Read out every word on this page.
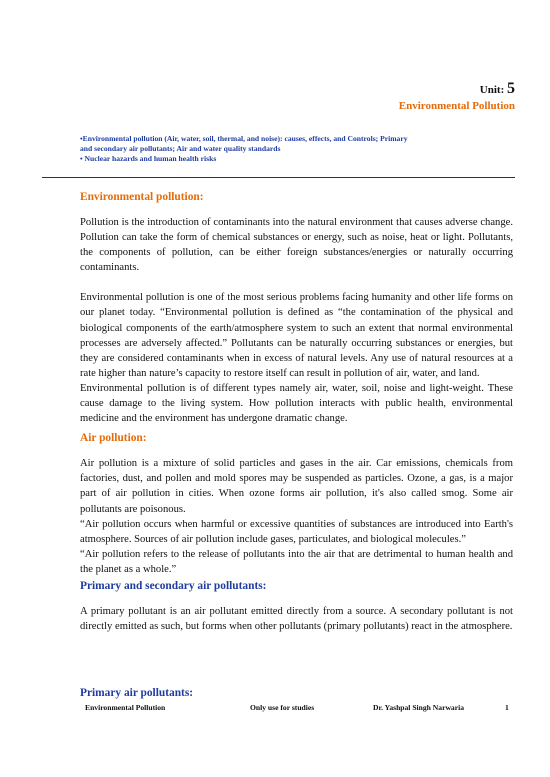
Unit: 5
Environmental Pollution
•Environmental pollution (Air, water, soil, thermal, and noise): causes, effects, and Controls; Primary and secondary air pollutants; Air and water quality standards
• Nuclear hazards and human health risks
Environmental pollution:

Pollution is the introduction of contaminants into the natural environment that causes adverse change. Pollution can take the form of chemical substances or energy, such as noise, heat or light. Pollutants, the components of pollution, can be either foreign substances/energies or naturally occurring contaminants.

Environmental pollution is one of the most serious problems facing humanity and other life forms on our planet today. “Environmental pollution is defined as “the contamination of the physical and biological components of the earth/atmosphere system to such an extent that normal environmental processes are adversely affected.” Pollutants can be naturally occurring substances or energies, but they are considered contaminants when in excess of natural levels. Any use of natural resources at a rate higher than nature’s capacity to restore itself can result in pollution of air, water, and land.

Environmental pollution is of different types namely air, water, soil, noise and light-weight. These cause damage to the living system. How pollution interacts with public health, environmental medicine and the environment has undergone dramatic change.

Air pollution:

Air pollution is a mixture of solid particles and gases in the air. Car emissions, chemicals from factories, dust, and pollen and mold spores may be suspended as particles. Ozone, a gas, is a major part of air pollution in cities. When ozone forms air pollution, it's also called smog. Some air pollutants are poisonous.

“Air pollution occurs when harmful or excessive quantities of substances are introduced into Earth's atmosphere. Sources of air pollution include gases, particulates, and biological molecules.”

“Air pollution refers to the release of pollutants into the air that are detrimental to human health and the planet as a whole.”

Primary and secondary air pollutants:

A primary pollutant is an air pollutant emitted directly from a source. A secondary pollutant is not directly emitted as such, but forms when other pollutants (primary pollutants) react in the atmosphere.

Primary air pollutants:
Environmental Pollution	Only use for studies	Dr. Yashpal Singh Narwaria	1
